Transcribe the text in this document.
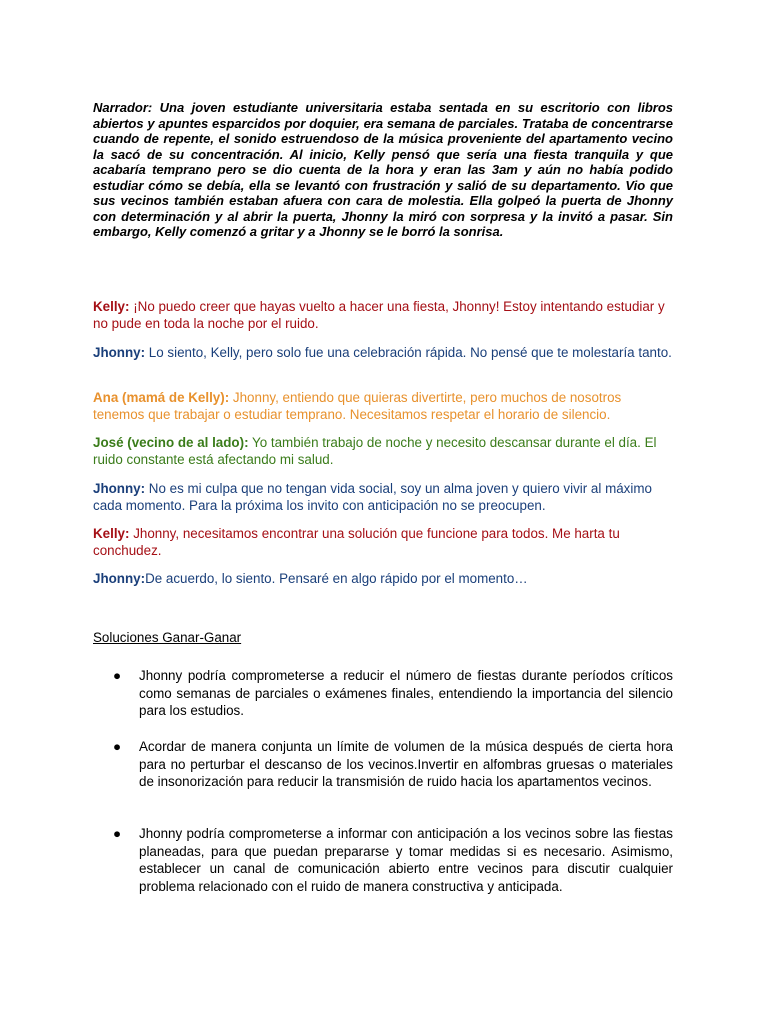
Narrador: Una joven estudiante universitaria estaba sentada en su escritorio con libros abiertos y apuntes esparcidos por doquier, era semana de parciales. Trataba de concentrarse cuando de repente, el sonido estruendoso de la música proveniente del apartamento vecino la sacó de su concentración. Al inicio, Kelly pensó que sería una fiesta tranquila y que acabaría temprano pero se dio cuenta de la hora y eran las 3am y aún no había podido estudiar cómo se debía, ella se levantó con frustración y salió de su departamento. Vio que sus vecinos también estaban afuera con cara de molestia. Ella golpeó la puerta de Jhonny con determinación y al abrir la puerta, Jhonny la miró con sorpresa y la invitó a pasar. Sin embargo, Kelly comenzó a gritar y a Jhonny se le borró la sonrisa.

Kelly: ¡No puedo creer que hayas vuelto a hacer una fiesta, Jhonny! Estoy intentando estudiar y no pude en toda la noche por el ruido.

Jhonny: Lo siento, Kelly, pero solo fue una celebración rápida. No pensé que te molestaría tanto.

Ana (mamá de Kelly): Jhonny, entiendo que quieras divertirte, pero muchos de nosotros tenemos que trabajar o estudiar temprano. Necesitamos respetar el horario de silencio.

José (vecino de al lado): Yo también trabajo de noche y necesito descansar durante el día. El ruido constante está afectando mi salud.

Jhonny: No es mi culpa que no tengan vida social, soy un alma joven y quiero vivir al máximo cada momento. Para la próxima los invito con anticipación no se preocupen.

Kelly: Jhonny, necesitamos encontrar una solución que funcione para todos. Me harta tu conchudez.

Jhonny:De acuerdo, lo siento. Pensaré en algo rápido por el momento…

Soluciones Ganar-Ganar

●	Jhonny podría comprometerse a reducir el número de fiestas durante períodos críticos como semanas de parciales o exámenes finales, entendiendo la importancia del silencio para los estudios.
●	Acordar de manera conjunta un límite de volumen de la música después de cierta hora para no perturbar el descanso de los vecinos.Invertir en alfombras gruesas o materiales de insonorización para reducir la transmisión de ruido hacia los apartamentos vecinos.
●	Jhonny podría comprometerse a informar con anticipación a los vecinos sobre las fiestas planeadas, para que puedan prepararse y tomar medidas si es necesario. Asimismo, establecer un canal de comunicación abierto entre vecinos para discutir cualquier problema relacionado con el ruido de manera constructiva y anticipada.
